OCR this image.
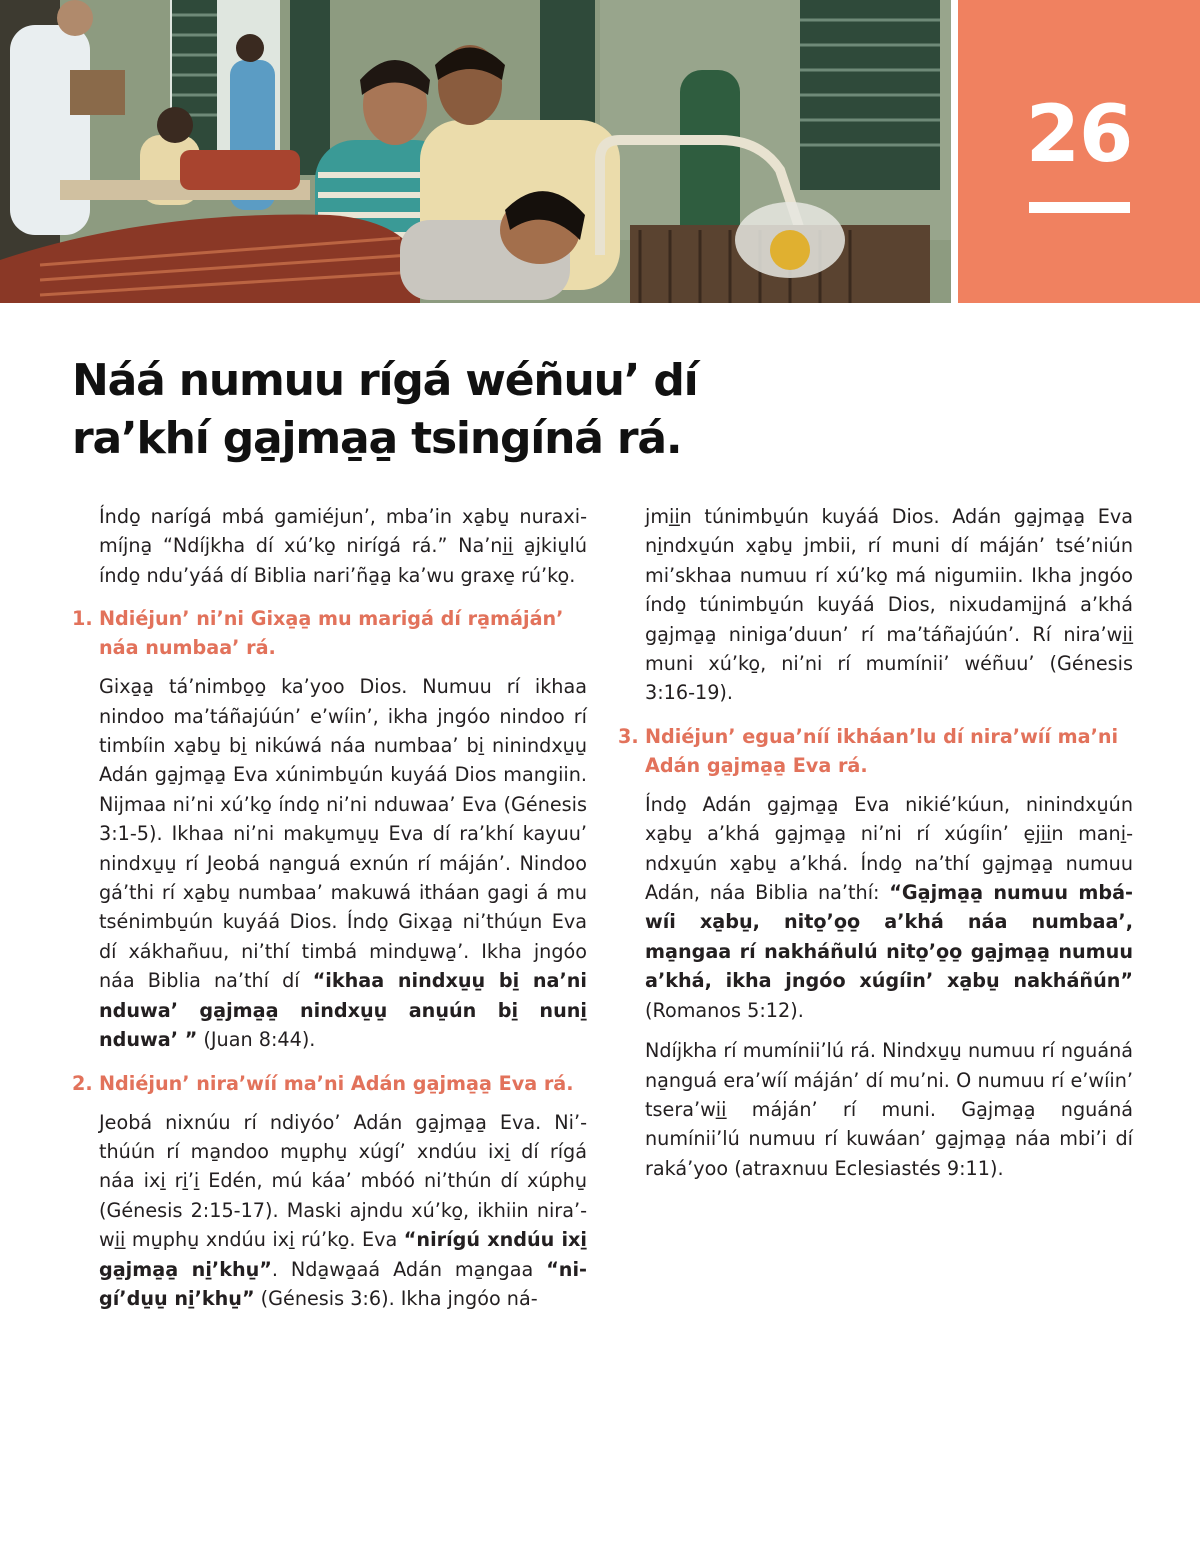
26
Náá numuu rígá wéñuu’ dí
ra’khí ga̱jma̱a̱ tsingíná rá.

Índo̱ narígá mbá gamiéjun’, mba’in xa̱bu̱ nuraximíjna̱ “Ndíjkha dí xú’ko̱ nirígá rá.” Na’ni̱i̱ a̱jkiu̱lú índo̱ ndu’yáá dí Biblia nari’ña̱a̱ ka’wu graxe̱ rú’ko̱.

1. Ndiéjun’ ni’ni Gixa̱a̱ mu marigá dí ra̱máján’ náa numbaa’ rá.

Gixa̱a̱ tá’nimbo̱o̱ ka’yoo Dios. Numuu rí ikhaa nindoo ma’táñajúún’ e’wíin’, ikha jngóo nindoo rí timbíin xa̱bu̱ bi̱ nikúwá náa numbaa’ bi̱ ninindxu̱u̱ Adán ga̱jma̱a̱ Eva xúnimbu̱ún kuyáá Dios mangiin. Nijmaa ni’ni xú’ko̱ índo̱ ni’ni nduwaa’ Eva (Génesis 3:1-5). Ikhaa ni’ni maku̱mu̱u̱ Eva dí ra’khí kayuu’ nindxu̱u̱ rí Jeobá na̱nguá exnún rí máján’. Nindoo gá’thi rí xa̱bu̱ numbaa’ makuwá itháan gagi á mu tsénimbu̱ún kuyáá Dios. Índo̱ Gixa̱a̱ ni’thúu̱n Eva dí xákhañuu, ni’thí timbá mindu̱wa̱’. Ikha jngóo náa Biblia na’thí dí “ikhaa nindxu̱u̱ bi̱ na’ni nduwa’ ga̱jma̱a̱ nindxu̱u̱ anu̱ún bi̱ nuni̱ nduwa’ ” (Juan 8:44).

2. Ndiéjun’ nira’wíí ma’ni Adán ga̱jma̱a̱ Eva rá.

Jeobá nixnúu rí ndiyóo’ Adán ga̱jma̱a̱ Eva. Ni’thúún rí ma̱ndoo mu̱phu̱ xúgí’ xndúu ixi̱ dí rígá náa ixi̱ ri̱’i̱ Edén, mú káa’ mbóó ni’thún dí xúphu̱ (Génesis 2:15-17). Maski ajndu xú’ko̱, ikhiin nira’wi̱i̱ mu̱phu̱ xndúu ixi̱ rú’ko̱. Eva “nirígú xndúu ixi̱ ga̱jma̱a̱ ni̱’khu̱”. Nda̱wa̱aá Adán ma̱ngaa “nigí’du̱u̱ ni̱’khu̱” (Génesis 3:6). Ikha jngóo ná-

jmi̱i̱n túnimbu̱ún kuyáá Dios. Adán ga̱jma̱a̱ Eva ni̱ndxu̱ún xa̱bu̱ jmbii, rí muni dí máján’ tsé’niún mi’skhaa numuu rí xú’ko̱ má nigumiin. Ikha jngóo índo̱ túnimbu̱ún kuyáá Dios, nixudami̱jná a’khá ga̱jma̱a̱ niniga’duun’ rí ma’táñajúún’. Rí nira’wi̱i̱ muni xú’ko̱, ni’ni rí mumínii’ wéñuu’ (Génesis 3:16-19).

3. Ndiéjun’ egua’níí ikháan’lu dí nira’wíí ma’ni Adán ga̱jma̱a̱ Eva rá.

Índo̱ Adán ga̱jma̱a̱ Eva nikié’kúun, ninindxu̱ún xa̱bu̱ a’khá ga̱jma̱a̱ ni’ni rí xúgíin’ e̱ji̱i̱n mani̱ndxu̱ún xa̱bu̱ a’khá. Índo̱ na’thí ga̱jma̱a̱ numuu Adán, náa Biblia na’thí: “Ga̱jma̱a̱ numuu mbáwíi xa̱bu̱, nito̱’o̱o̱ a’khá náa numbaa’, ma̱ngaa rí nakháñulú nito̱’o̱o̱ ga̱jma̱a̱ numuu a’khá, ikha jngóo xúgíin’ xa̱bu̱ nakháñún” (Romanos 5:12).

Ndíjkha rí mumínii’lú rá. Nindxu̱u̱ numuu rí nguáná na̱nguá era’wíí máján’ dí mu’ni. O numuu rí e’wíin’ tsera’wi̱i̱ máján’ rí muni. Ga̱jma̱a̱ nguáná numínii’lú numuu rí kuwáan’ ga̱jma̱a̱ náa mbi’i dí raká’yoo (atraxnuu Eclesiastés 9:11).
